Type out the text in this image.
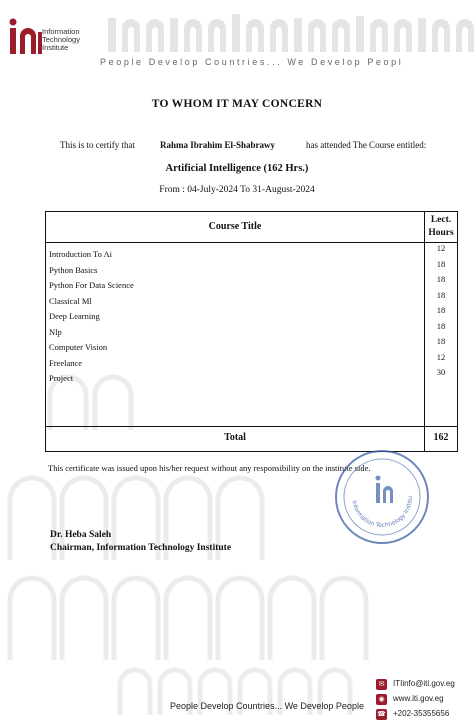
Information
Technology
Institute
People Develop Countries... We Develop Peopl
TO WHOM IT MAY CONCERN
This is to certify that	Rahma Ibrahim El-Shabrawy	has attended The Course entitled:
Artificial Intelligence (162 Hrs.)
From : 04-July-2024 To 31-August-2024
Course Title
Lect.
Hours
Introduction To Ai
12
Python Basics
18
Python For Data Science
18
Classical Ml
18
Deep Learning
18
Nlp
18
Computer Vision
18
Freelance
12
Project
30
Total	162
This certificate was issued upon his/her request without any responsibility on the institute side.
Information Technology Institu
Dr. Heba Saleh
Chairman, Information Technology Institute
People Develop Countries... We Develop People
✉	ITIinfo@iti.gov.eg
◉	www.iti.gov.eg
☎ +202-35355656
